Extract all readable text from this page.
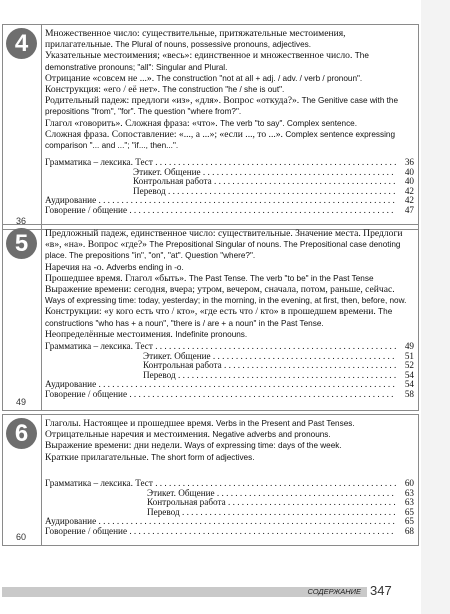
4
36

Множественное число: существительные, притяжательные местоимения, прилагательные. The Plural of nouns, possessive pronouns, adjectives.

Указательные местоимения; «весь»: единственное и множественное число. The demonstrative pronouns; "all": Singular and Plural.

Отрицание «совсем не ...». The construction "not at all + adj. / adv. / verb / pronoun".

Конструкция: «его / её нет». The construction "he / she is out".

Родительный падеж: предлоги «из», «для». Вопрос «откуда?». The Genitive case with the prepositions "from", "for". The question "where from?".

Глагол «говорить». Сложная фраза: «что». The verb "to say". Complex sentence.

Сложная фраза. Сопоставление: «..., а ...»; «если ..., то ...». Complex sentence expressing comparison "... and ..."; "if..., then...".

Грамматика – лексика. Тест . . .	36
Этикет. Общение . . .	40
Контрольная работа . . .	40
Перевод . . .	42
Аудирование . . .	42
Говорение / общение . . .	47
5
49

Предложный падеж, единственное число: существительные. Значение места. Предлоги «в», «на». Вопрос «где?» The Prepositional Singular of nouns. The Prepositional case denoting place. The prepositions "in", "on", "at". Question "where?".

Наречия на -о. Adverbs ending in -o.

Прошедшее время. Глагол «быть». The Past Tense. The verb "to be" in the Past Tense

Выражение времени: сегодня, вчера; утром, вечером, сначала, потом, раньше, сейчас. Ways of expressing time: today, yesterday; in the morning, in the evening, at first, then, before, now.

Конструкции: «у кого есть что / кто», «где есть что / кто» в прошедшем времени. The constructions "who has + a noun", "there is / are + a noun" in the Past Tense.

Неопределённые местоимения. Indefinite pronouns.

Грамматика – лексика. Тест . . .	49
Этикет. Общение . . .	51
Контрольная работа . . .	52
Перевод . . .	54
Аудирование . . .	54
Говорение / общение . . .	58
6
60

Глаголы. Настоящее и прошедшее время. Verbs in the Present and Past Tenses.

Отрицательные наречия и местоимения. Negative adverbs and pronouns.

Выражение времени: дни недели. Ways of expressing time: days of the week.

Краткие прилагательные. The short form of adjectives.

Грамматика – лексика. Тест . . .	60
Этикет. Общение . . .	63
Контрольная работа . . .	63
Перевод . . .	65
Аудирование . . .	65
Говорение / общение . . .	68
СОДЕРЖАНИЕ 347
